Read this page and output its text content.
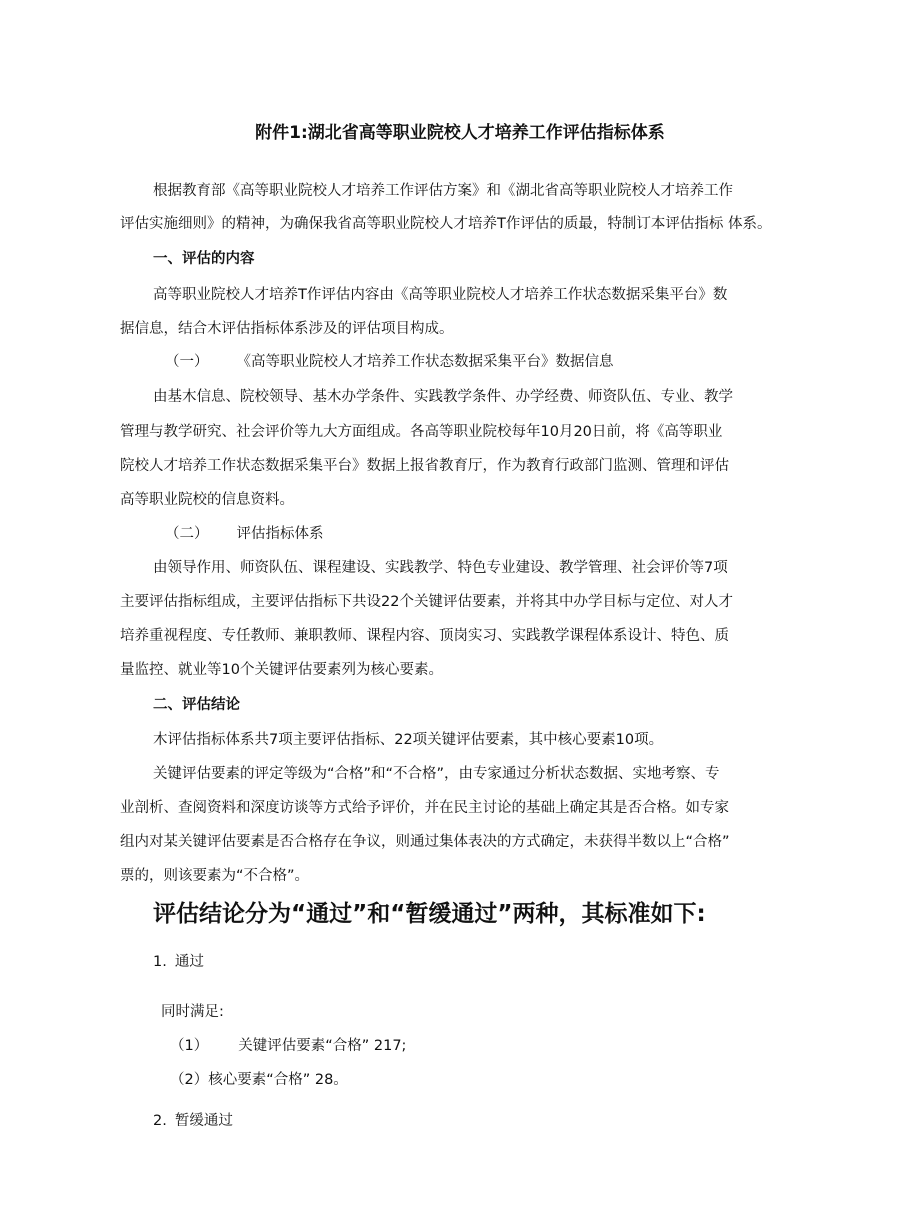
附件1:湖北省高等职业院校人才培养工作评估指标体系

根据教育部《高等职业院校人才培养工作评估方案》和《湖北省高等职业院校人才培养工作

评估实施细则》的精神，为确保我省高等职业院校人才培养T作评估的质最，特制订本评估指标 体系。

一、评估的内容

高等职业院校人才培养T作评估内容由《高等职业院校人才培养工作状态数据采集平台》数

据信息，结合木评估指标体系涉及的评估项目构成。

（一） 《高等职业院校人才培养工作状态数据采集平台》数据信息

由基木信息、院校领导、基木办学条件、实践教学条件、办学经费、师资队伍、专业、教学

管理与教学研究、社会评价等九大方面组成。各高等职业院校每年10月20日前，将《高等职业

院校人才培养工作状态数据采集平台》数据上报省教育厅，作为教育行政部门监测、管理和评估

高等职业院校的信息资料。

（二） 评估指标体系

由领导作用、师资队伍、课程建设、实践教学、特色专业建设、教学管理、社会评价等7项

主要评估指标组成，主要评估指标下共设22个关键评估要素，并将其中办学目标与定位、对人才

培养重视程度、专任教师、兼职教师、课程内容、顶岗实习、实践教学课程体系设计、特色、质

量监控、就业等10个关键评估要素列为核心要素。

二、评估结论

木评估指标体系共7项主要评估指标、22项关键评估要素，其中核心要素10项。

关键评估要素的评定等级为“合格”和“不合格”，由专家通过分析状态数据、实地考察、专

业剖析、查阅资料和深度访谈等方式给予评价，并在民主讨论的基础上确定其是否合格。如专家

组内对某关键评估要素是否合格存在争议，则通过集体表决的方式确定，未获得半数以上“合格”

票的，则该要素为“不合格”。

评估结论分为“通过”和“暂缓通过”两种，其标准如下:

1. 通过

同时满足:

（1） 关键评估要素“合格” 217;

（2）核心要素“合格” 28。

2. 暂缓通过
